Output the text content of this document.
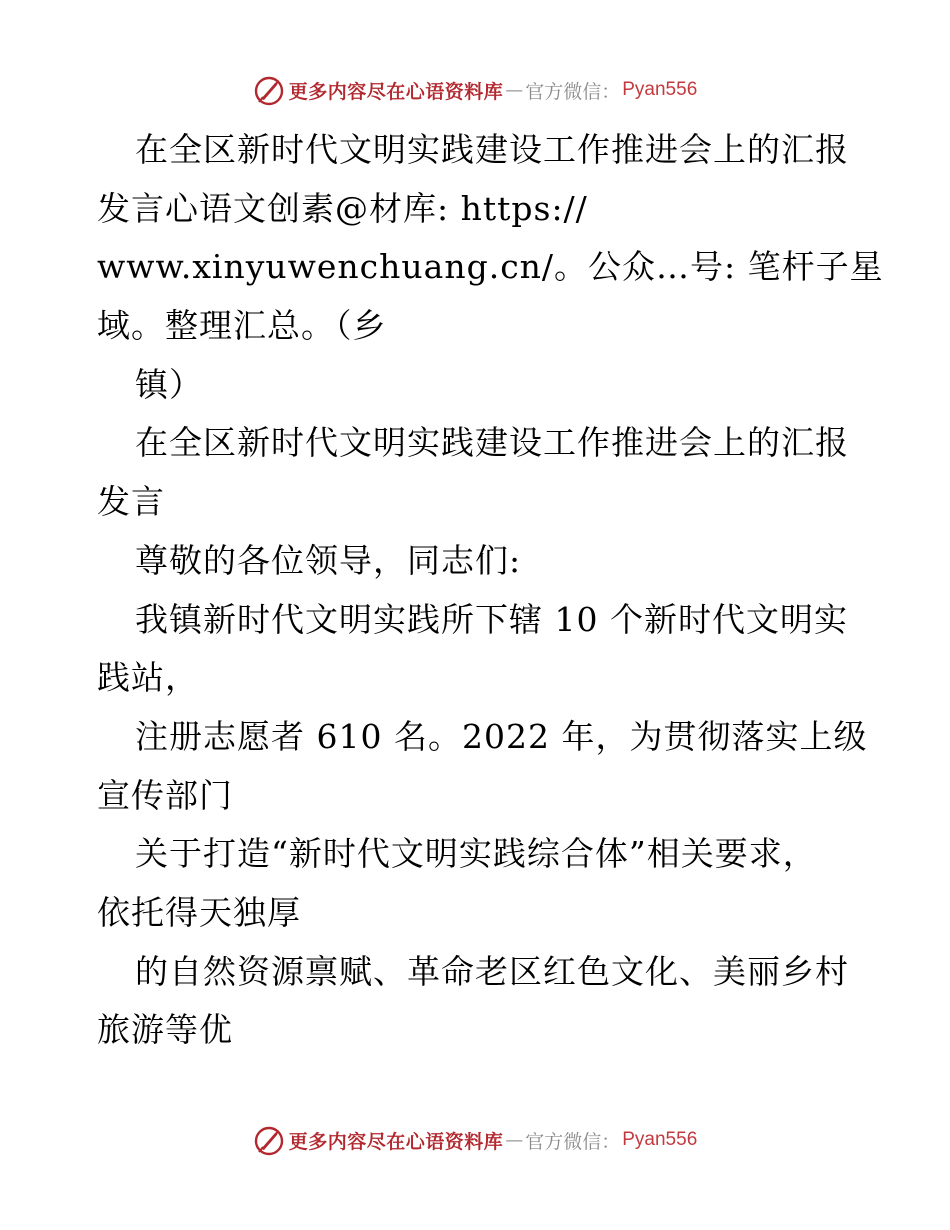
更多内容尽在心语资料库 — 官方微信： Pyan556
在全区新时代文明实践建设工作推进会上的汇报
发言心语文创素@材库: https://
www.xinyuwenchuang.cn/。公众…号: 笔杆子星
域。整理汇总。（乡
镇）
在全区新时代文明实践建设工作推进会上的汇报
发言
尊敬的各位领导，同志们:
我镇新时代文明实践所下辖 10 个新时代文明实
践站，
注册志愿者 610 名。2022 年，为贯彻落实上级
宣传部门
关于打造“新时代文明实践综合体”相关要求，
依托得天独厚
的自然资源禀赋、革命老区红色文化、美丽乡村
旅游等优
更多内容尽在心语资料库 — 官方微信： Pyan556
